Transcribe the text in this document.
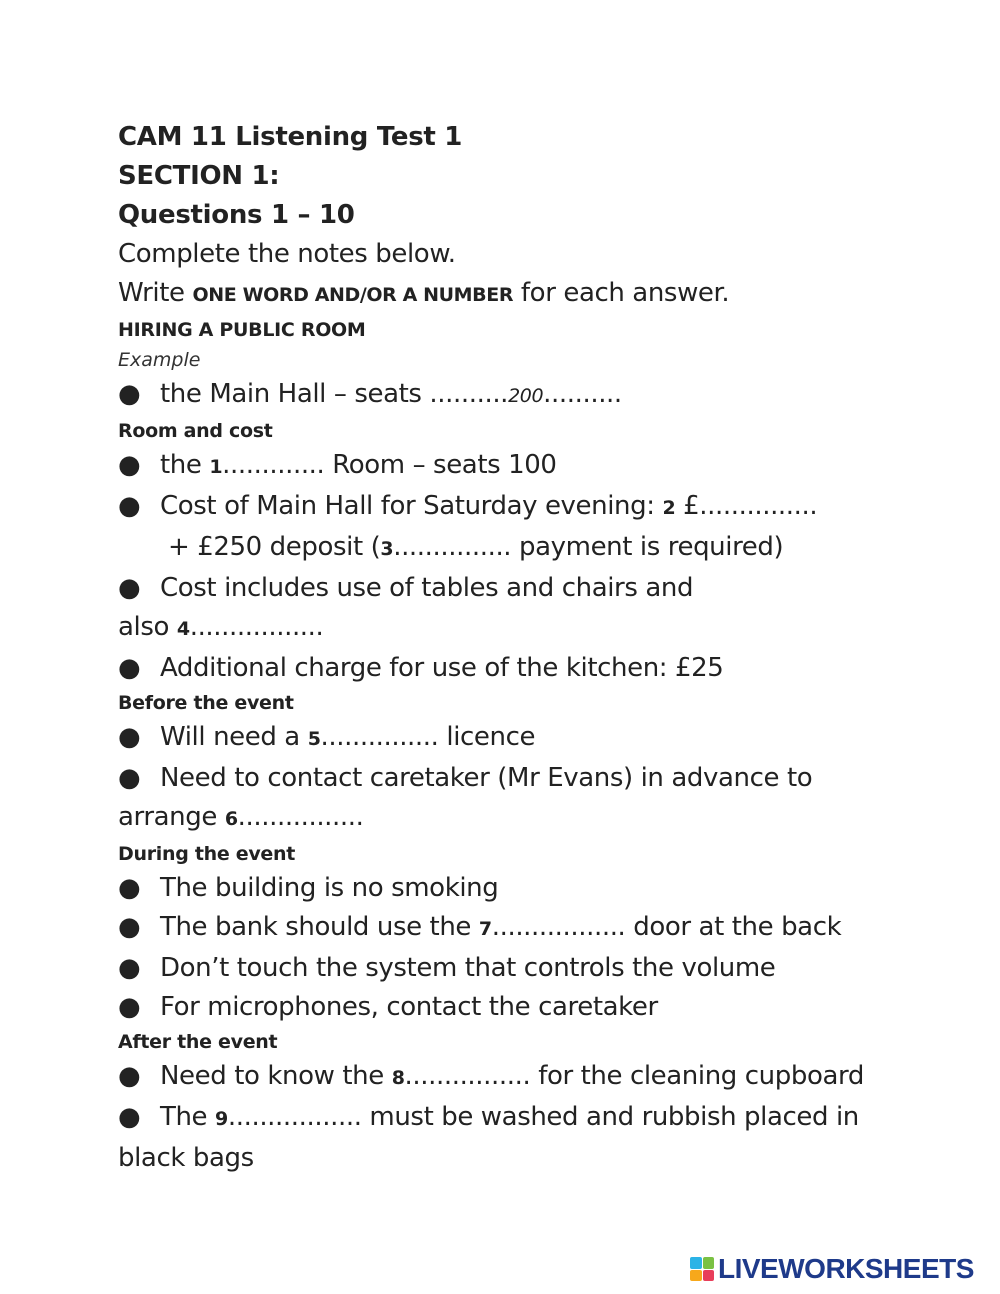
CAM 11 Listening Test 1
SECTION 1:
Questions 1 – 10
Complete the notes below.
Write ONE WORD AND/OR A NUMBER for each answer.
HIRING A PUBLIC ROOM
Example
● the Main Hall – seats ..........200..........
Room and cost
● the 1............. Room – seats 100
● Cost of Main Hall for Saturday evening: 2 £...............
+ £250 deposit (3............... payment is required)
● Cost includes use of tables and chairs and
also 4.................
● Additional charge for use of the kitchen: £25
Before the event
● Will need a 5............... licence
● Need to contact caretaker (Mr Evans) in advance to
arrange 6................
During the event
● The building is no smoking
● The bank should use the 7................. door at the back
● Don’t touch the system that controls the volume
● For microphones, contact the caretaker
After the event
● Need to know the 8................ for the cleaning cupboard
● The 9................. must be washed and rubbish placed in
black bags
LIVEWORKSHEETS
